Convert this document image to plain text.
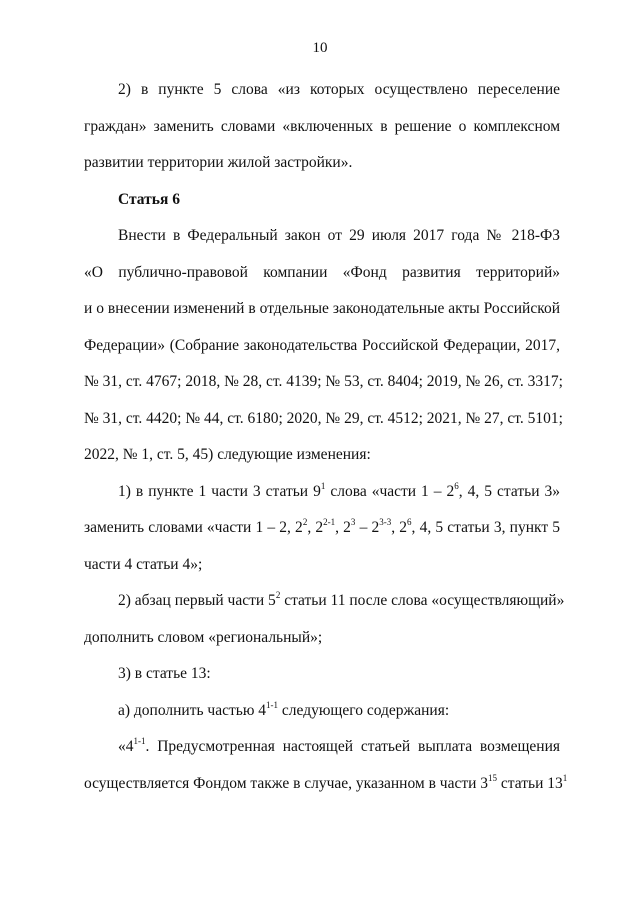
10
2) в пункте 5 слова «из которых осуществлено переселение
граждан» заменить словами «включенных в решение о комплексном
развитии территории жилой застройки».
Статья 6
Внести в Федеральный закон от 29 июля 2017 года № 218-ФЗ
«О публично-правовой компании «Фонд развития территорий»
и о внесении изменений в отдельные законодательные акты Российской
Федерации» (Собрание законодательства Российской Федерации, 2017,
№ 31, ст. 4767; 2018, № 28, ст. 4139; № 53, ст. 8404; 2019, № 26, ст. 3317;
№ 31, ст. 4420; № 44, ст. 6180; 2020, № 29, ст. 4512; 2021, № 27, ст. 5101;
2022, № 1, ст. 5, 45) следующие изменения:
1) в пункте 1 части 3 статьи $9^1$ слова «части $1 - 2^6$, 4, 5 статьи 3»
заменить словами «части 1 – 2, $2^2$, 2$^{2-1}$, $2^3 - 2^{3-3}$, $2^6$, 4, 5 статьи 3, пункт 5
части 4 статьи 4»;
2) абзац первый части $5^2$ статьи 11 после слова «осуществляющий»
дополнить словом «региональный»;
3) в статье 13:
а) дополнить частью 4$^{1-1}$ следующего содержания:
«4$^{1-1}$. Предусмотренная настоящей статьей выплата возмещения
осуществляется Фондом также в случае, указанном в части $3^{15}$ статьи $13^1$
